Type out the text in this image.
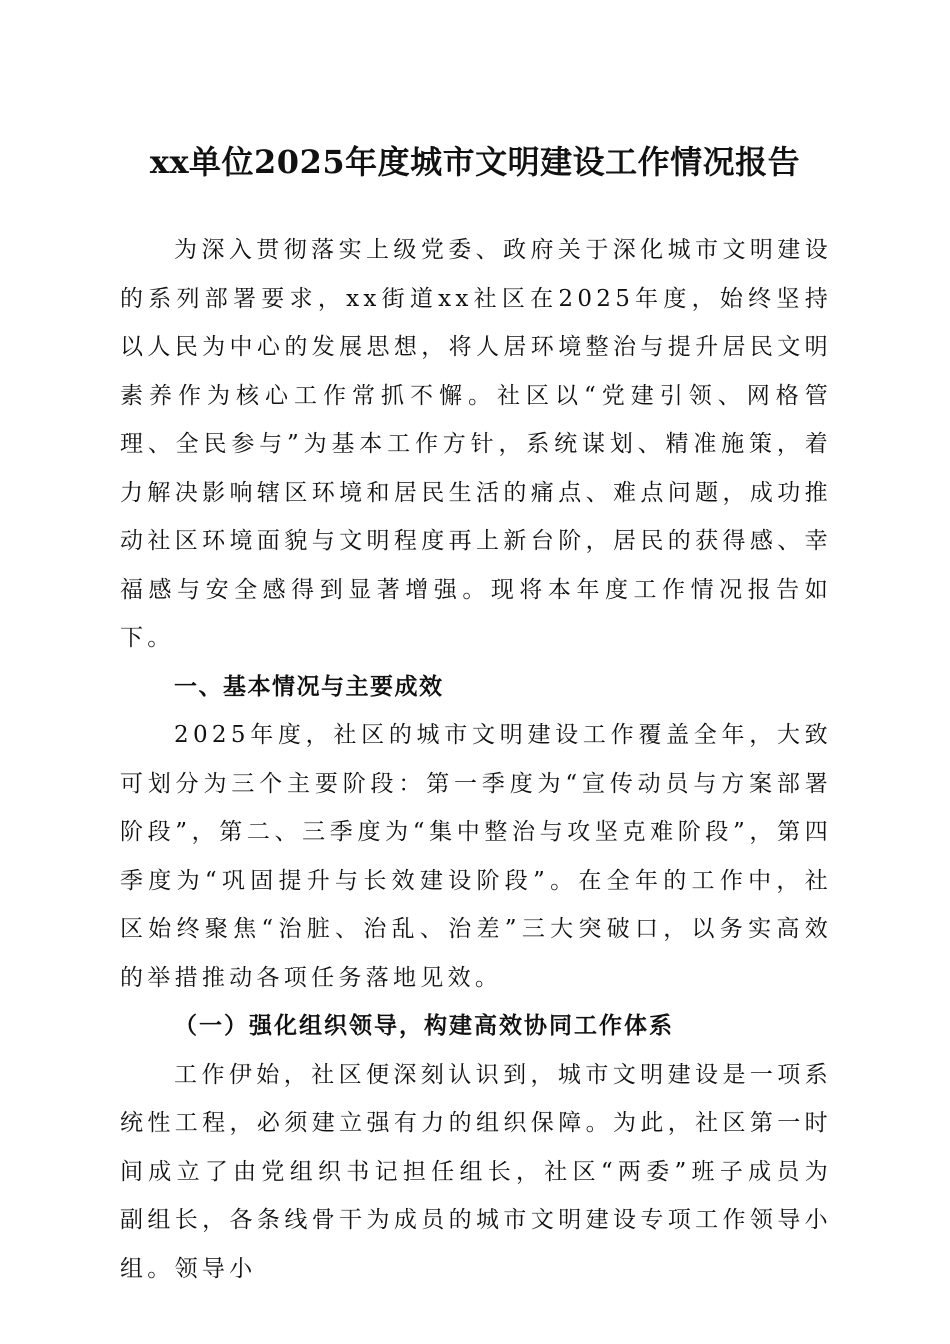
xx单位2025年度城市文明建设工作情况报告

为深入贯彻落实上级党委、政府关于深化城市文明建设的系列部署要求，xx街道xx社区在2025年度，始终坚持以人民为中心的发展思想，将人居环境整治与提升居民文明素养作为核心工作常抓不懈。社区以“党建引领、网格管理、全民参与”为基本工作方针，系统谋划、精准施策，着力解决影响辖区环境和居民生活的痛点、难点问题，成功推动社区环境面貌与文明程度再上新台阶，居民的获得感、幸福感与安全感得到显著增强。现将本年度工作情况报告如下。

一、基本情况与主要成效

2025年度，社区的城市文明建设工作覆盖全年，大致可划分为三个主要阶段：第一季度为“宣传动员与方案部署阶段”，第二、三季度为“集中整治与攻坚克难阶段”，第四季度为“巩固提升与长效建设阶段”。在全年的工作中，社区始终聚焦“治脏、治乱、治差”三大突破口，以务实高效的举措推动各项任务落地见效。

（一）强化组织领导，构建高效协同工作体系

工作伊始，社区便深刻认识到，城市文明建设是一项系统性工程，必须建立强有力的组织保障。为此，社区第一时间成立了由党组织书记担任组长，社区“两委”班子成员为副组长，各条线骨干为成员的城市文明建设专项工作领导小组。领导小
